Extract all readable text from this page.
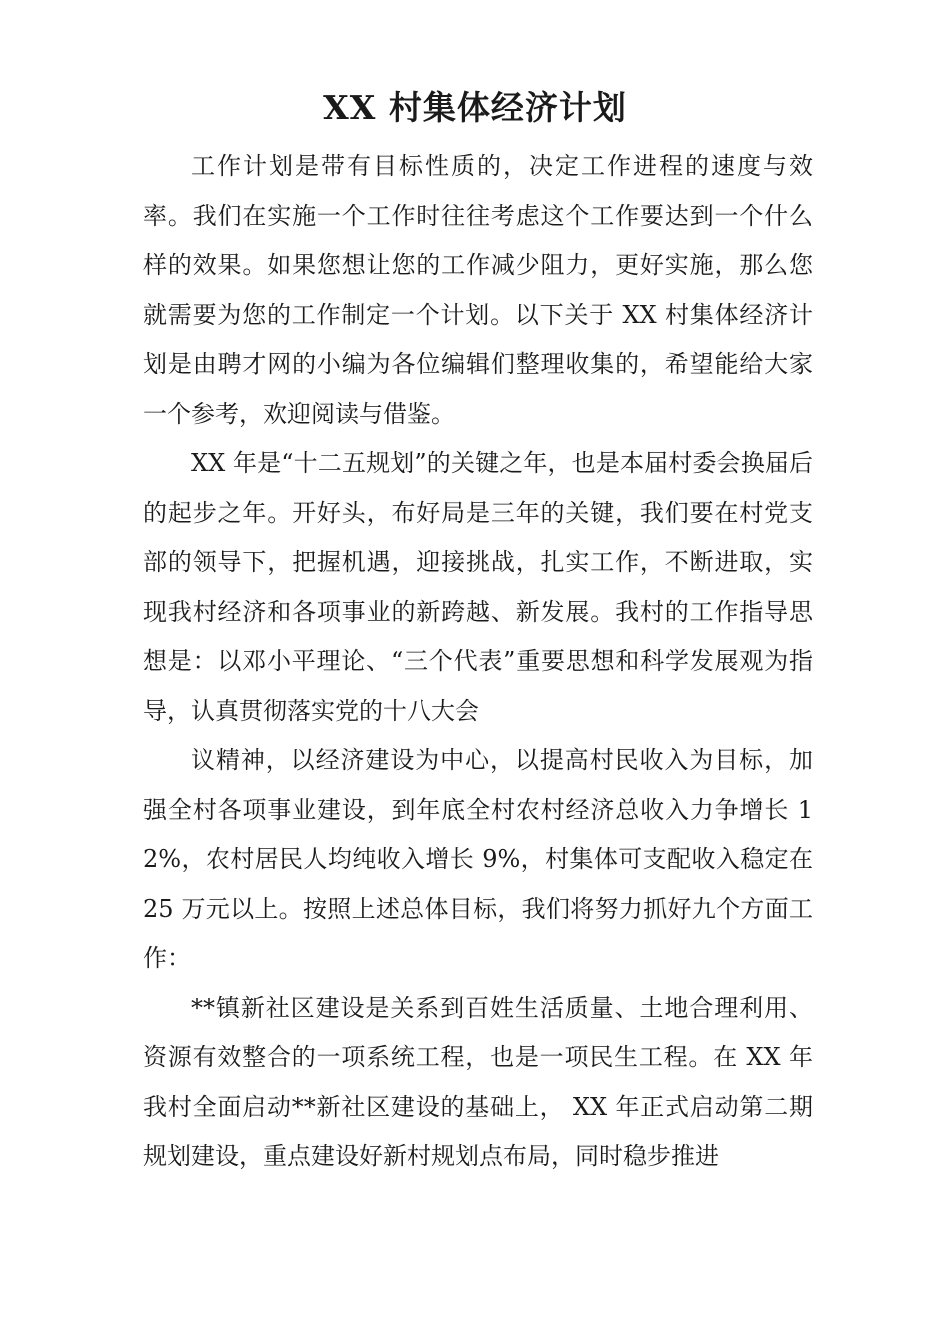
XX 村集体经济计划

工作计划是带有目标性质的，决定工作进程的速度与效率。我们在实施一个工作时往往考虑这个工作要达到一个什么样的效果。如果您想让您的工作减少阻力，更好实施，那么您就需要为您的工作制定一个计划。以下关于 XX 村集体经济计划是由聘才网的小编为各位编辑们整理收集的，希望能给大家一个参考，欢迎阅读与借鉴。

XX 年是“十二五规划”的关键之年，也是本届村委会换届后的起步之年。开好头，布好局是三年的关键，我们要在村党支部的领导下，把握机遇，迎接挑战，扎实工作，不断进取，实现我村经济和各项事业的新跨越、新发展。我村的工作指导思想是：以邓小平理论、“三个代表”重要思想和科学发展观为指导，认真贯彻落实党的十八大会

议精神，以经济建设为中心，以提高村民收入为目标，加强全村各项事业建设，到年底全村农村经济总收入力争增长 12%，农村居民人均纯收入增长 9%，村集体可支配收入稳定在 25 万元以上。按照上述总体目标，我们将努力抓好九个方面工作：

**镇新社区建设是关系到百姓生活质量、土地合理利用、资源有效整合的一项系统工程，也是一项民生工程。在 XX 年我村全面启动**新社区建设的基础上， XX 年正式启动第二期规划建设，重点建设好新村规划点布局，同时稳步推进
